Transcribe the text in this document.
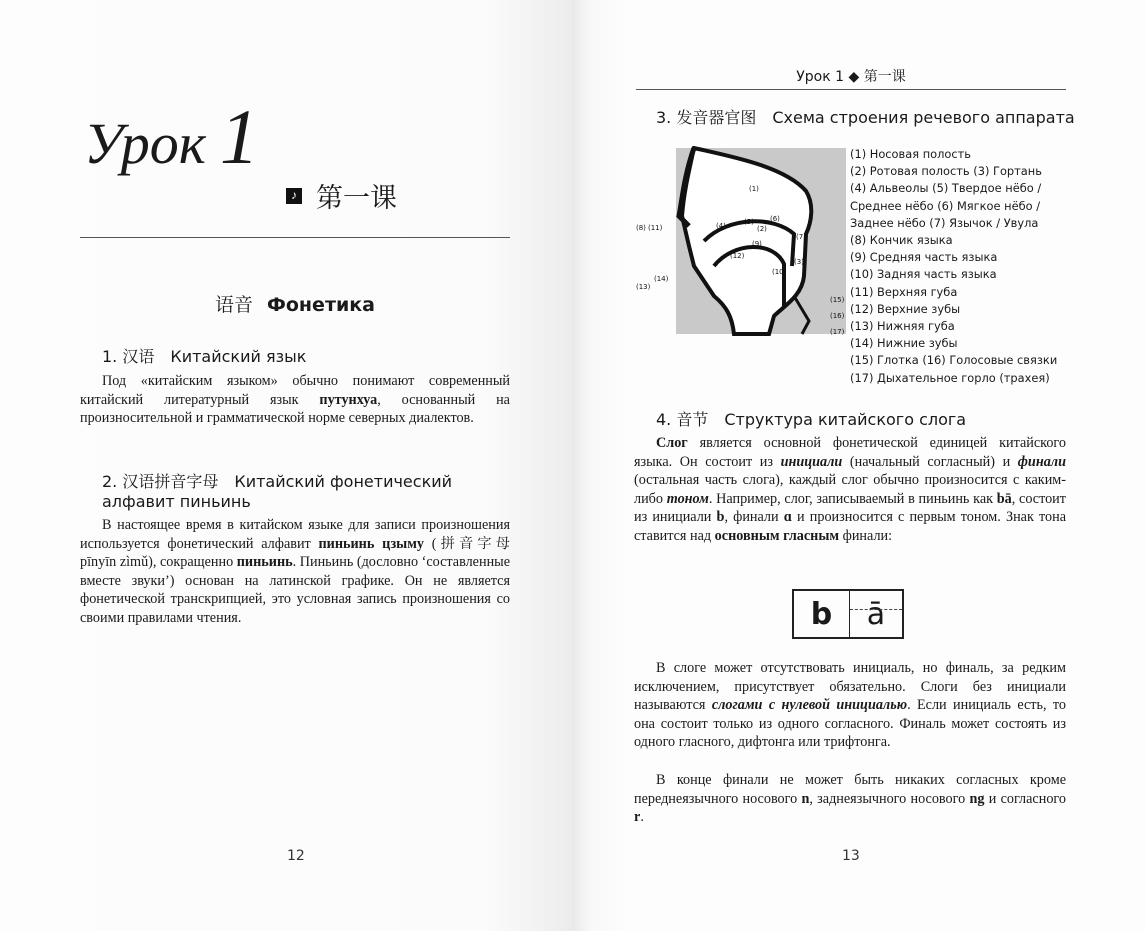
Урок 1
♪ 第一课
语音 Фонетика
1. 汉语　Китайский язык
Под «китайским языком» обычно понимают современный китайский литературный язык путунхуа, основанный на произносительной и грамматической норме северных диалектов.
2. 汉语拼音字母　Китайский фонетический
алфавит пиньинь
В настоящее время в китайском языке для записи произношения используется фонетический алфавит пиньинь цзыму (拼音字母 pīnyīn zìmǔ), сокращенно пиньинь. Пиньинь (дословно ‘составленные вместе звуки’) основан на латинской графике. Он не является фонетической транскрипцией, это условная запись произношения со своими правилами чтения.
12
Урок 1 ◆ 第一课
3. 发音器官图　Схема строения речевого аппарата
(1)
(2)
(3)
(4)	(5) (6)
(7)
(8)
(9)
(10)
(11)
(12)
(13)
(14)
(15)
(16)
(17)
(1) Носовая полость
(2) Ротовая полость (3) Гортань
(4) Альвеолы (5) Твердое нёбо /
Среднее нёбо (6) Мягкое нёбо /
Заднее нёбо (7) Язычок / Увула
(8) Кончик языка
(9) Средняя часть языка
(10) Задняя часть языка
(11) Верхняя губа
(12) Верхние зубы
(13) Нижняя губа
(14) Нижние зубы
(15) Глотка (16) Голосовые связки
(17) Дыхательное горло (трахея)
4. 音节　Структура китайского слога
Слог является основной фонетической единицей китайского языка. Он состоит из инициали (начальный согласный) и финали (остальная часть слога), каждый слог обычно произносится с каким-либо тоном. Например, слог, записываемый в пиньинь как bā, состоит из инициали b, финали ɑ и произносится с первым тоном. Знак тона ставится над основным гласным финали:
b	ā
В слоге может отсутствовать инициаль, но финаль, за редким исключением, присутствует обязательно. Слоги без инициали называются слогами с нулевой инициалью. Если инициаль есть, то она состоит только из одного согласного. Финаль может состоять из одного гласного, дифтонга или трифтонга.
В конце финали не может быть никаких согласных кроме переднеязычного носового n, заднеязычного носового ng и согласного r.
13
